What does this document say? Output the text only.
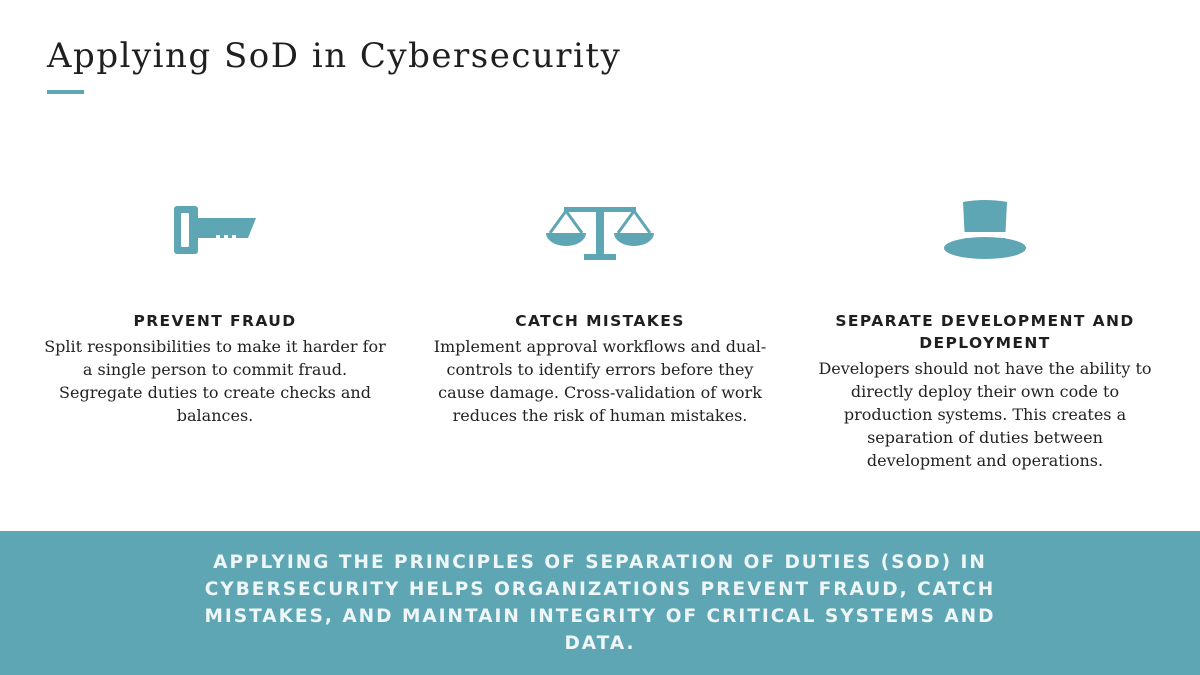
Applying SoD in Cybersecurity
PREVENT FRAUD
Split responsibilities to make it harder for a single person to commit fraud. Segregate duties to create checks and balances.
CATCH MISTAKES
Implement approval workflows and dual-controls to identify errors before they cause damage. Cross-validation of work reduces the risk of human mistakes.
SEPARATE DEVELOPMENT AND DEPLOYMENT
Developers should not have the ability to directly deploy their own code to production systems. This creates a separation of duties between development and operations.
APPLYING THE PRINCIPLES OF SEPARATION OF DUTIES (SOD) IN CYBERSECURITY HELPS ORGANIZATIONS PREVENT FRAUD, CATCH MISTAKES, AND MAINTAIN INTEGRITY OF CRITICAL SYSTEMS AND DATA.
